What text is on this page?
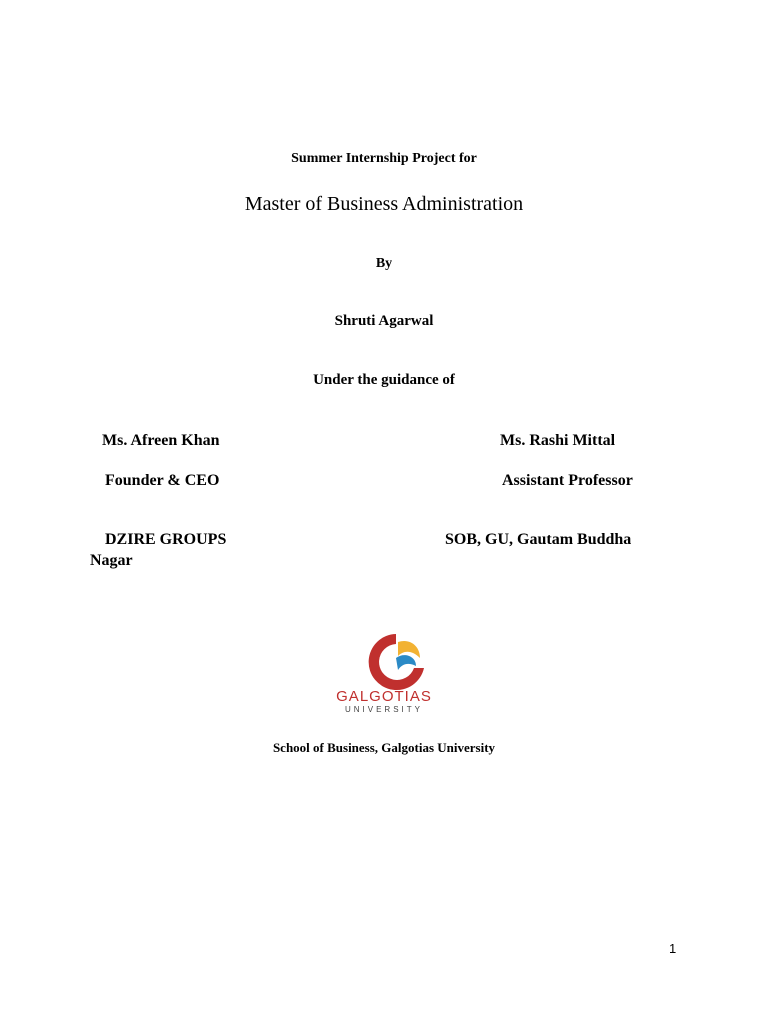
Summer Internship Project for

Master of Business Administration

By

Shruti Agarwal

Under the guidance of

Ms. Afreen Khan

Founder & CEO

DZIRE GROUPS

Ms. Rashi Mittal

Assistant Professor

SOB, GU, Gautam Buddha

Nagar

GALGOTIAS
UNIVERSITY

School of Business, Galgotias University

1
